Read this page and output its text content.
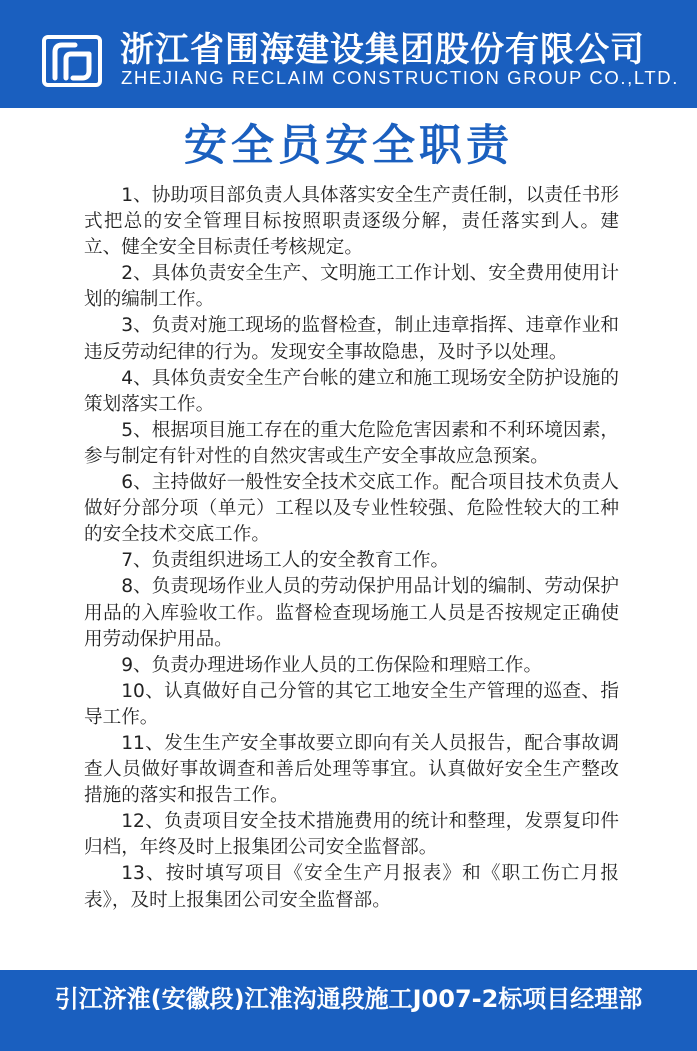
浙江省围海建设集团股份有限公司
ZHEJIANG RECLAIM CONSTRUCTION GROUP CO.,LTD.
安全员安全职责

1、协助项目部负责人具体落实安全生产责任制，以责任书形式把总的安全管理目标按照职责逐级分解，责任落实到人。建立、健全安全目标责任考核规定。

2、具体负责安全生产、文明施工工作计划、安全费用使用计划的编制工作。

3、负责对施工现场的监督检查，制止违章指挥、违章作业和违反劳动纪律的行为。发现安全事故隐患，及时予以处理。

4、具体负责安全生产台帐的建立和施工现场安全防护设施的策划落实工作。

5、根据项目施工存在的重大危险危害因素和不利环境因素，参与制定有针对性的自然灾害或生产安全事故应急预案。

6、主持做好一般性安全技术交底工作。配合项目技术负责人做好分部分项（单元）工程以及专业性较强、危险性较大的工种的安全技术交底工作。

7、负责组织进场工人的安全教育工作。

8、负责现场作业人员的劳动保护用品计划的编制、劳动保护用品的入库验收工作。监督检查现场施工人员是否按规定正确使用劳动保护用品。

9、负责办理进场作业人员的工伤保险和理赔工作。

10、认真做好自己分管的其它工地安全生产管理的巡查、指导工作。

11、发生生产安全事故要立即向有关人员报告，配合事故调查人员做好事故调查和善后处理等事宜。认真做好安全生产整改措施的落实和报告工作。

12、负责项目安全技术措施费用的统计和整理，发票复印件归档，年终及时上报集团公司安全监督部。

13、按时填写项目《安全生产月报表》和《职工伤亡月报表》，及时上报集团公司安全监督部。

引江济淮(安徽段)江淮沟通段施工J007-2标项目经理部
